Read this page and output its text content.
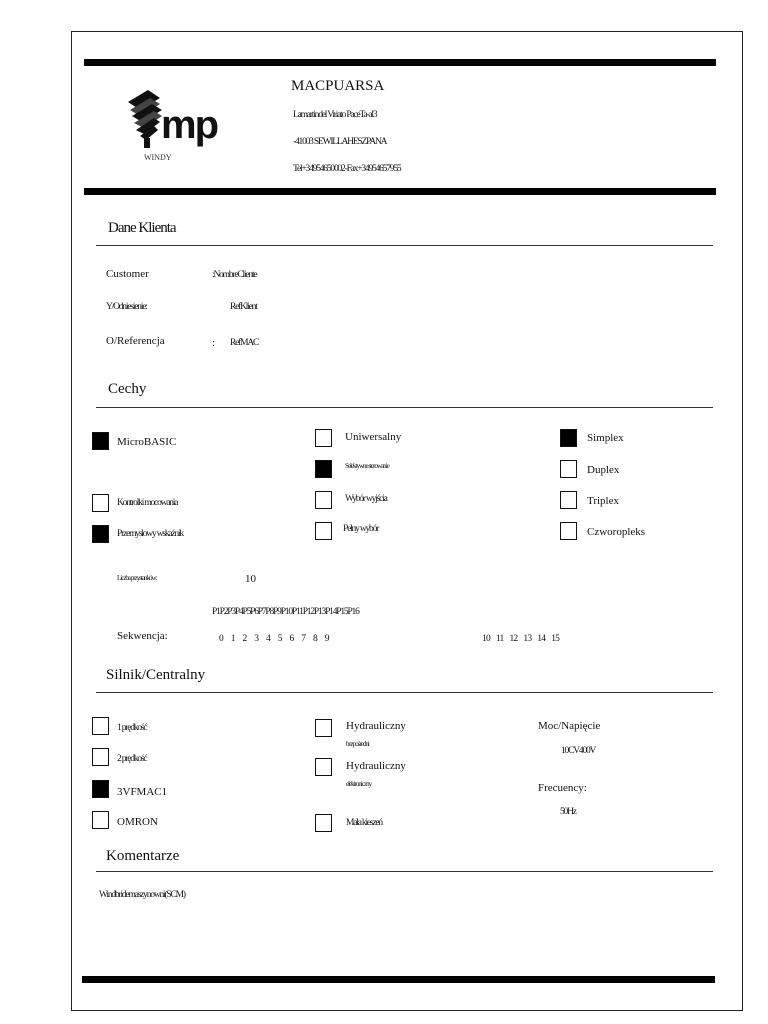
mp
WINDY
MACPUARSA
Lamartindel Viriato PaceTa-al3
-41003 SEWILLAHESZPANA
Tel+34954650002-Fax+34954657955
Dane Klienta
Customer	:NombreCliente
Y/Odniesienie:	RefKlient
O/Referencja	: RefMAC
Cechy
MicroBASIC
Kontrolki mocowania
Przemysłowy wskaźnik
Uniwersalny
Selektywne sterowanie
Wybór wyjścia
Pełny wybór
Simplex
Duplex
Triplex
Czworopleks
Liczba przystanków:	10
P1P2P3P4P5P6P7P8P9P10P11P12P13P14P15P16
Sekwencja:	0 1 2 3 4 5 6 7 8 9	10 11 12 13 14 15
Silnik/Centralny
1 prędkość
2 prędkość
3VFMAC1
OMRON
Hydrauliczny
bezpośredni
Hydrauliczny
elektroniczny
Mała kieszeń
Moc/Napięcie
10CV400V
Frecuency:
50Hz
Komentarze
Windbridemaszynowni(SCM)
